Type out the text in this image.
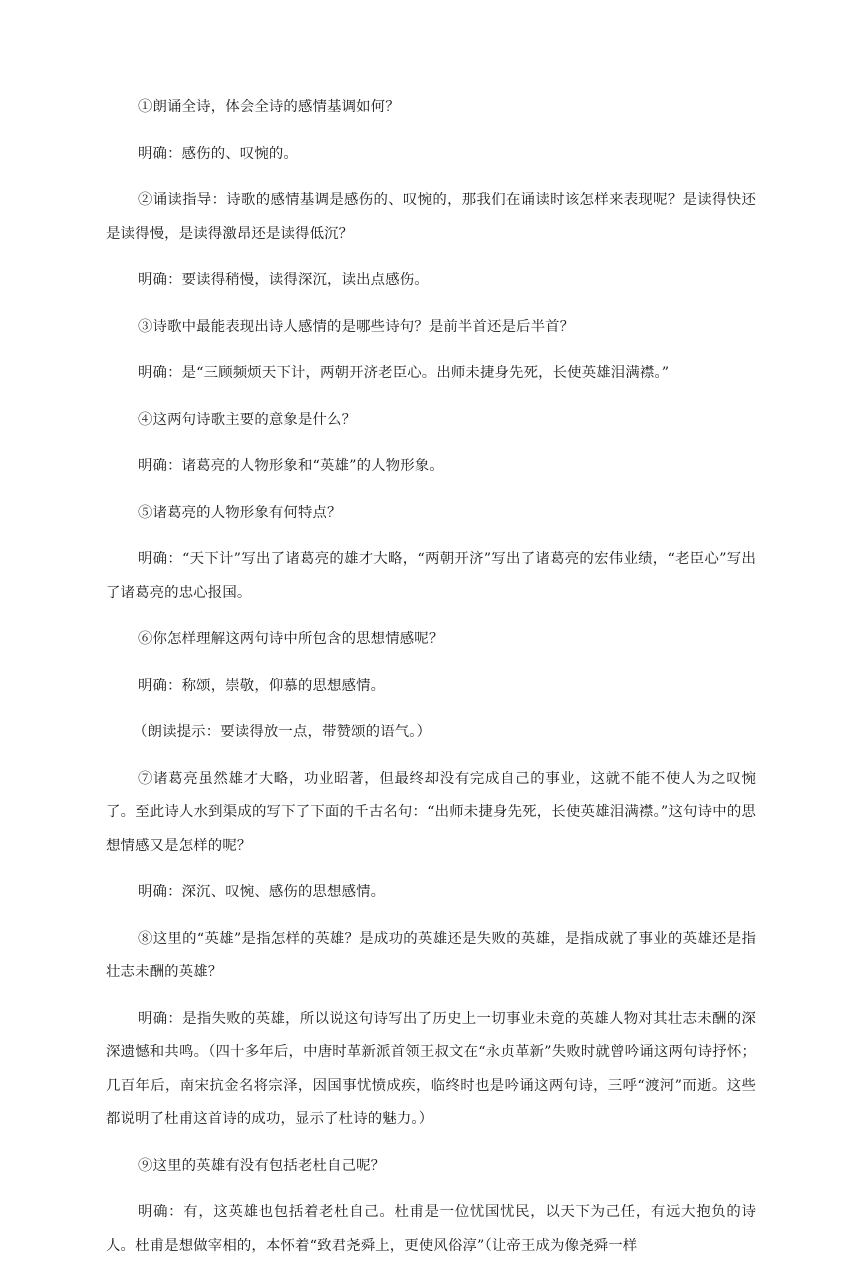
①朗诵全诗，体会全诗的感情基调如何？

明确：感伤的、叹惋的。

②诵读指导：诗歌的感情基调是感伤的、叹惋的，那我们在诵读时该怎样来表现呢？是读得快还是读得慢，是读得激昂还是读得低沉？

明确：要读得稍慢，读得深沉，读出点感伤。

③诗歌中最能表现出诗人感情的是哪些诗句？是前半首还是后半首？

明确：是“三顾频烦天下计，两朝开济老臣心。出师未捷身先死，长使英雄泪满襟。”

④这两句诗歌主要的意象是什么？

明确：诸葛亮的人物形象和“英雄”的人物形象。

⑤诸葛亮的人物形象有何特点？

明确：“天下计”写出了诸葛亮的雄才大略，“两朝开济”写出了诸葛亮的宏伟业绩，“老臣心”写出了诸葛亮的忠心报国。

⑥你怎样理解这两句诗中所包含的思想情感呢？

明确：称颂，崇敬，仰慕的思想感情。

（朗读提示：要读得放一点，带赞颂的语气。）

⑦诸葛亮虽然雄才大略，功业昭著，但最终却没有完成自己的事业，这就不能不使人为之叹惋了。至此诗人水到渠成的写下了下面的千古名句：“出师未捷身先死，长使英雄泪满襟。”这句诗中的思想情感又是怎样的呢？

明确：深沉、叹惋、感伤的思想感情。

⑧这里的“英雄”是指怎样的英雄？是成功的英雄还是失败的英雄，是指成就了事业的英雄还是指壮志未酬的英雄？

明确：是指失败的英雄，所以说这句诗写出了历史上一切事业未竟的英雄人物对其壮志未酬的深深遗憾和共鸣。（四十多年后，中唐时革新派首领王叔文在“永贞革新”失败时就曾吟诵这两句诗抒怀；几百年后，南宋抗金名将宗泽，因国事忧愤成疾，临终时也是吟诵这两句诗，三呼“渡河”而逝。这些都说明了杜甫这首诗的成功，显示了杜诗的魅力。）

⑨这里的英雄有没有包括老杜自己呢？

明确：有，这英雄也包括着老杜自己。杜甫是一位忧国忧民，以天下为己任，有远大抱负的诗人。杜甫是想做宰相的，本怀着“致君尧舜上，更使风俗淳”（让帝王成为像尧舜一样
